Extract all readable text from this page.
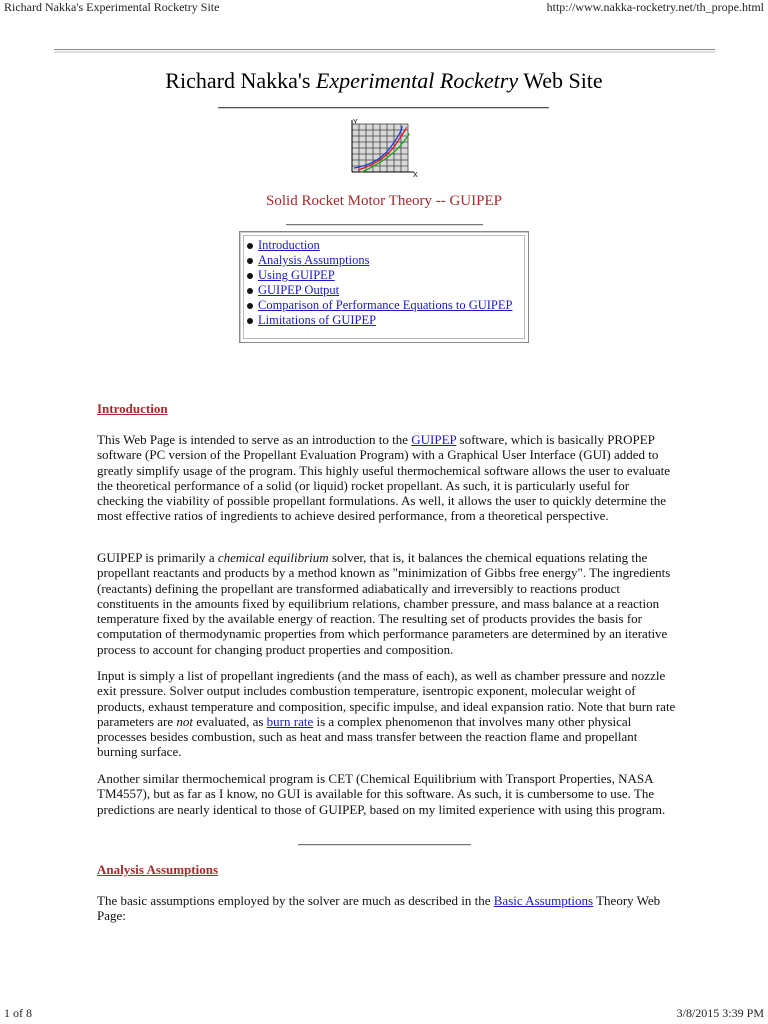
Richard Nakka's Experimental Rocketry Site	http://www.nakka-rocketry.net/th_prope.html
Richard Nakka's Experimental Rocketry Web Site
Y
X
Solid Rocket Motor Theory -- GUIPEP
Introduction
Analysis Assumptions
Using GUIPEP
GUIPEP Output
Comparison of Performance Equations to GUIPEP
Limitations of GUIPEP
Introduction

This Web Page is intended to serve as an introduction to the GUIPEP software, which is basically PROPEP software (PC version of the Propellant Evaluation Program) with a Graphical User Interface (GUI) added to greatly simplify usage of the program. This highly useful thermochemical software allows the user to evaluate the theoretical performance of a solid (or liquid) rocket propellant. As such, it is particularly useful for checking the viability of possible propellant formulations. As well, it allows the user to quickly determine the most effective ratios of ingredients to achieve desired performance, from a theoretical perspective.

GUIPEP is primarily a chemical equilibrium solver, that is, it balances the chemical equations relating the propellant reactants and products by a method known as "minimization of Gibbs free energy". The ingredients (reactants) defining the propellant are transformed adiabatically and irreversibly to reactions product constituents in the amounts fixed by equilibrium relations, chamber pressure, and mass balance at a reaction temperature fixed by the available energy of reaction. The resulting set of products provides the basis for computation of thermodynamic properties from which performance parameters are determined by an iterative process to account for changing product properties and composition.

Input is simply a list of propellant ingredients (and the mass of each), as well as chamber pressure and nozzle exit pressure. Solver output includes combustion temperature, isentropic exponent, molecular weight of products, exhaust temperature and composition, specific impulse, and ideal expansion ratio. Note that burn rate parameters are not evaluated, as burn rate is a complex phenomenon that involves many other physical processes besides combustion, such as heat and mass transfer between the reaction flame and propellant burning surface.

Another similar thermochemical program is CET (Chemical Equilibrium with Transport Properties, NASA TM4557), but as far as I know, no GUI is available for this software. As such, it is cumbersome to use. The predictions are nearly identical to those of GUIPEP, based on my limited experience with using this program.

Analysis Assumptions

The basic assumptions employed by the solver are much as described in the Basic Assumptions Theory Web Page:

1 of 8	3/8/2015 3:39 PM
